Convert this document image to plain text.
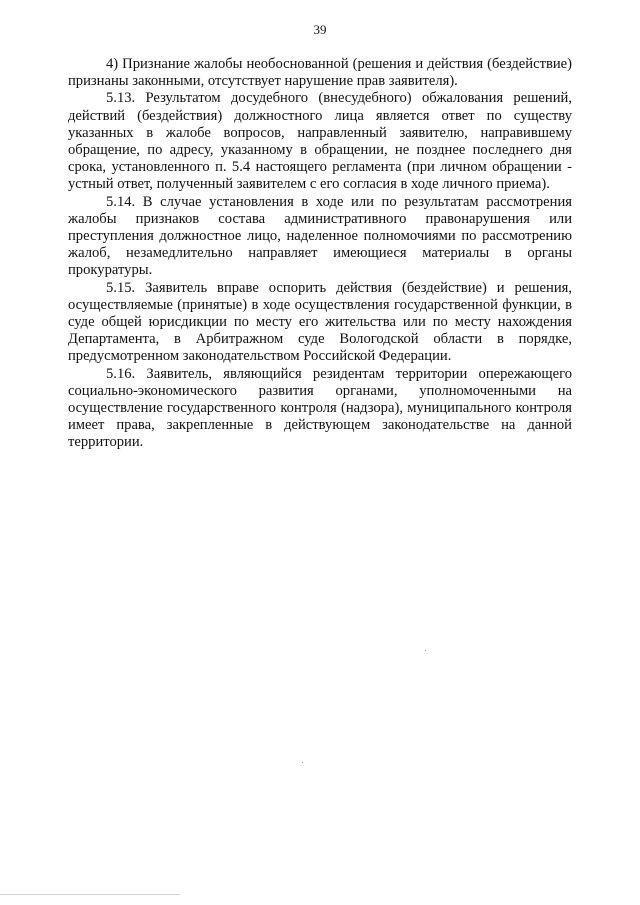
39

4) Признание жалобы необоснованной (решения и действия (бездействие) признаны законными, отсутствует нарушение прав заявителя).

5.13. Результатом досудебного (внесудебного) обжалования решений, действий (бездействия) должностного лица является ответ по существу указанных в жалобе вопросов, направленный заявителю, направившему обращение, по адресу, указанному в обращении, не позднее последнего дня срока, установленного п. 5.4 настоящего регламента (при личном обращении - устный ответ, полученный заявителем с его согласия в ходе личного приема).

5.14. В случае установления в ходе или по результатам рассмотрения жалобы признаков состава административного правонарушения или преступления должностное лицо, наделенное полномочиями по рассмотрению жалоб, незамедлительно направляет имеющиеся материалы в органы прокуратуры.

5.15. Заявитель вправе оспорить действия (бездействие) и решения, осуществляемые (принятые) в ходе осуществления государственной функции, в суде общей юрисдикции по месту его жительства или по месту нахождения Департамента, в Арбитражном суде Вологодской области в порядке, предусмотренном законодательством Российской Федерации.

5.16. Заявитель, являющийся резидентам территории опережающего социально-экономического развития органами, уполномоченными на осуществление государственного контроля (надзора), муниципального контроля имеет права, закрепленные в действующем законодательстве на данной территории.
